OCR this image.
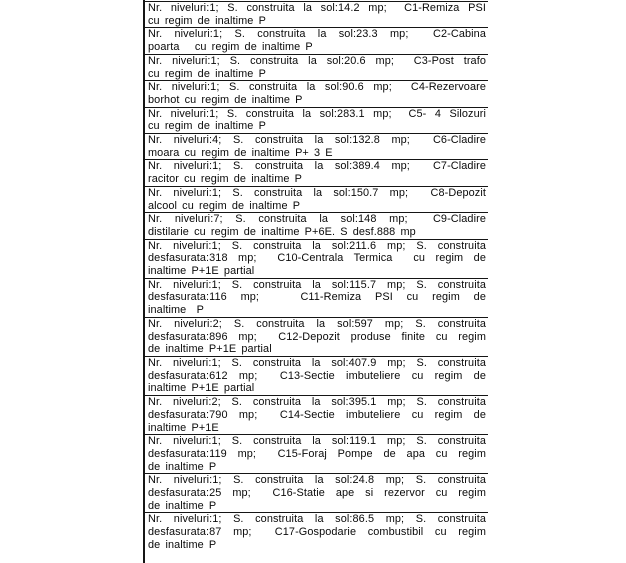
Nr. niveluri:1; S. construita la sol:14.2 mp;  C1-Remiza PSI
cu regim de inaltime P
Nr. niveluri:1; S. construita la sol:23.3 mp;  C2-Cabina
poarta   cu regim de inaltime P
Nr. niveluri:1; S. construita la sol:20.6 mp;  C3-Post trafo
cu regim de inaltime P
Nr. niveluri:1; S. construita la sol:90.6 mp;  C4-Rezervoare
borhot cu regim de inaltime P
Nr. niveluri:1; S. construita la sol:283.1 mp;  C5- 4 Silozuri
cu regim de inaltime P
Nr. niveluri:4; S. construita la sol:132.8 mp;  C6-Cladire
moara cu regim de inaltime P+ 3 E
Nr. niveluri:1; S. construita la sol:389.4 mp;  C7-Cladire
racitor cu regim de inaltime P
Nr. niveluri:1; S. construita la sol:150.7 mp;  C8-Depozit
alcool cu regim de inaltime P
Nr. niveluri:7; S. construita la sol:148 mp;  C9-Cladire
distilarie cu regim de inaltime P+6E. S desf.888 mp
Nr. niveluri:1; S. construita la sol:211.6 mp; S. construita
desfasurata:318 mp;  C10-Centrala Termica  cu regim de
inaltime P+1E partial
Nr. niveluri:1; S. construita la sol:115.7 mp; S. construita
desfasurata:116 mp;   C11-Remiza PSI cu regim de
inaltime  P
Nr. niveluri:2; S. construita la sol:597 mp; S. construita
desfasurata:896 mp;  C12-Depozit produse finite cu regim
de inaltime P+1E partial
Nr. niveluri:1; S. construita la sol:407.9 mp; S. construita
desfasurata:612 mp;  C13-Sectie imbuteliere cu regim de
inaltime P+1E partial
Nr. niveluri:2; S. construita la sol:395.1 mp; S. construita
desfasurata:790 mp;  C14-Sectie imbuteliere cu regim de
inaltime P+1E
Nr. niveluri:1; S. construita la sol:119.1 mp; S. construita
desfasurata:119 mp;  C15-Foraj Pompe de apa cu regim
de inaltime P
Nr. niveluri:1; S. construita la sol:24.8 mp; S. construita
desfasurata:25 mp;  C16-Statie ape si rezervor cu regim
de inaltime P
Nr. niveluri:1; S. construita la sol:86.5 mp; S. construita
desfasurata:87 mp;  C17-Gospodarie combustibil cu regim
de inaltime P
